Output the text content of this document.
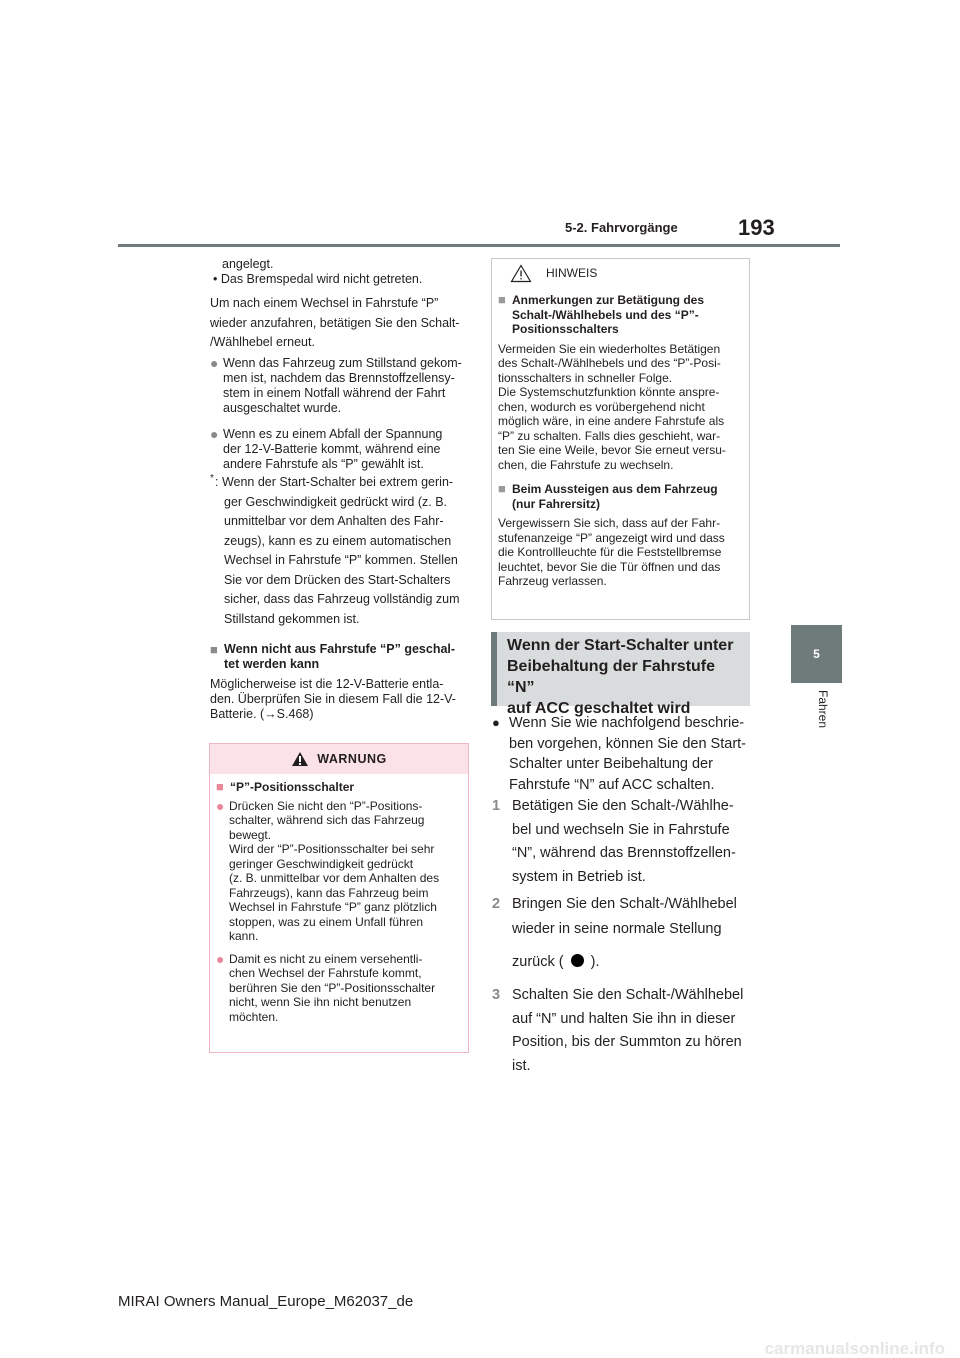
5-2. Fahrvorgänge	193
5
Fahren

angelegt.

• Das Bremspedal wird nicht getreten.

Um nach einem Wechsel in Fahrstufe “P”

wieder anzufahren, betätigen Sie den Schalt-

/Wählhebel erneut.

● Wenn das Fahrzeug zum Stillstand gekom-

men ist, nachdem das Brennstoffzellensy-

stem in einem Notfall während der Fahrt

ausgeschaltet wurde.

● Wenn es zu einem Abfall der Spannung

der 12-V-Batterie kommt, während eine

andere Fahrstufe als “P” gewählt ist.

* : Wenn der Start-Schalter bei extrem gerin-

ger Geschwindigkeit gedrückt wird (z. B.

unmittelbar vor dem Anhalten des Fahr-

zeugs), kann es zu einem automatischen

Wechsel in Fahrstufe “P” kommen. Stellen

Sie vor dem Drücken des Start-Schalters

sicher, dass das Fahrzeug vollständig zum

Stillstand gekommen ist.

■ Wenn nicht aus Fahrstufe “P” geschal-

tet werden kann

Möglicherweise ist die 12-V-Batterie entla-

den. Überprüfen Sie in diesem Fall die 12-V-

Batterie. (→S.468)

WARNUNG
■ “P”-Positionsschalter
● Drücken Sie nicht den “P”-Positions-

schalter, während sich das Fahrzeug

bewegt.

Wird der “P”-Positionsschalter bei sehr

geringer Geschwindigkeit gedrückt

(z. B. unmittelbar vor dem Anhalten des

Fahrzeugs), kann das Fahrzeug beim

Wechsel in Fahrstufe “P” ganz plötzlich

stoppen, was zu einem Unfall führen

kann.

● Damit es nicht zu einem versehentli-

chen Wechsel der Fahrstufe kommt,

berühren Sie den “P”-Positionsschalter

nicht, wenn Sie ihn nicht benutzen

möchten.

HINWEIS
■ Anmerkungen zur Betätigung des

Schalt-/Wählhebels und des “P”-

Positionsschalters

Vermeiden Sie ein wiederholtes Betätigen

des Schalt-/Wählhebels und des “P”-Posi-

tionsschalters in schneller Folge.

Die Systemschutzfunktion könnte anspre-

chen, wodurch es vorübergehend nicht

möglich wäre, in eine andere Fahrstufe als

“P” zu schalten. Falls dies geschieht, war-

ten Sie eine Weile, bevor Sie erneut versu-

chen, die Fahrstufe zu wechseln.

■ Beim Aussteigen aus dem Fahrzeug

(nur Fahrersitz)

Vergewissern Sie sich, dass auf der Fahr-

stufenanzeige “P” angezeigt wird und dass

die Kontrollleuchte für die Feststellbremse

leuchtet, bevor Sie die Tür öffnen und das

Fahrzeug verlassen.

Wenn der Start-Schalter unter

Beibehaltung der Fahrstufe “N”

auf ACC geschaltet wird

● Wenn Sie wie nachfolgend beschrie-

ben vorgehen, können Sie den Start-

Schalter unter Beibehaltung der

Fahrstufe “N” auf ACC schalten.

1 Betätigen Sie den Schalt-/Wählhe-

bel und wechseln Sie in Fahrstufe

“N”, während das Brennstoffzellen-

system in Betrieb ist.

2 Bringen Sie den Schalt-/Wählhebel

wieder in seine normale Stellung

zurück ( ).

3 Schalten Sie den Schalt-/Wählhebel

auf “N” und halten Sie ihn in dieser

Position, bis der Summton zu hören

ist.

MIRAI Owners Manual_Europe_M62037_de
carmanualsonline.info
